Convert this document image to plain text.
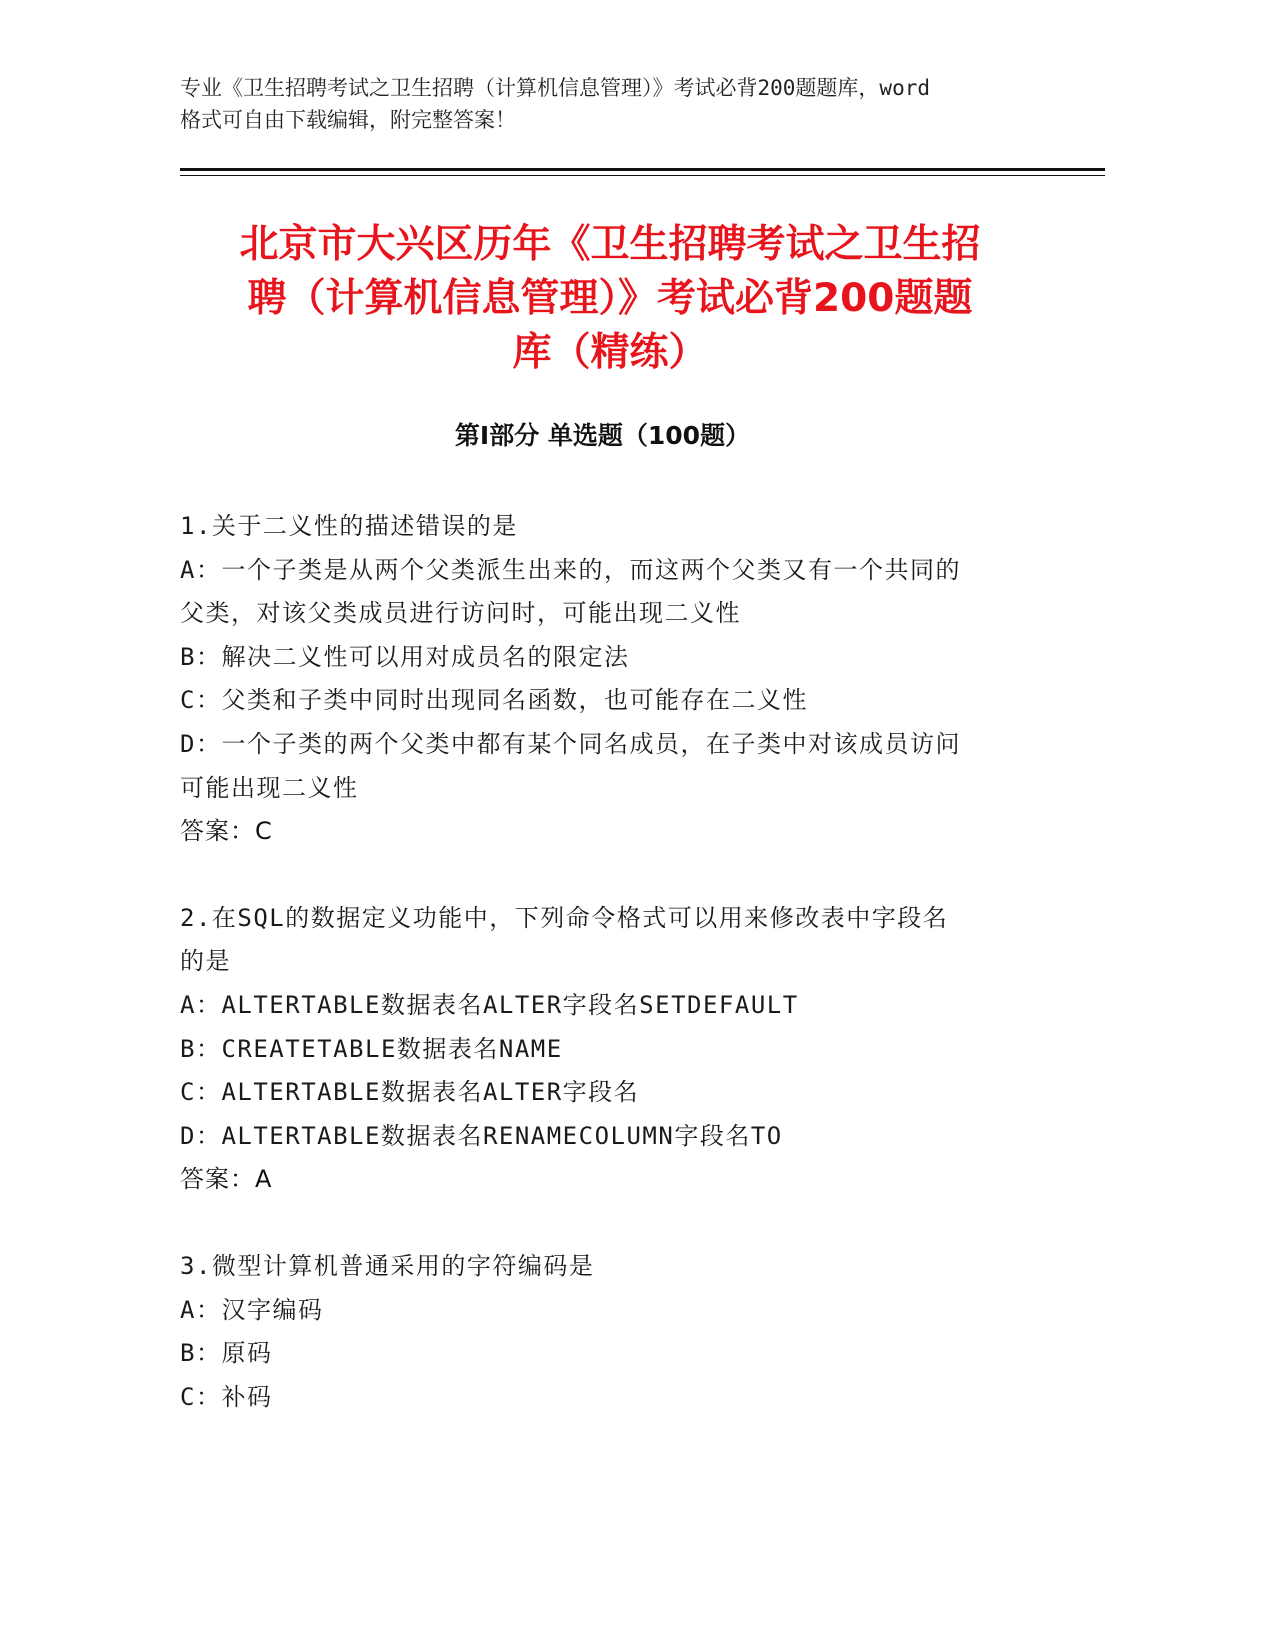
专业《卫生招聘考试之卫生招聘（计算机信息管理）》考试必背200题题库，word
格式可自由下载编辑，附完整答案！
北京市大兴区历年《卫生招聘考试之卫生招
聘（计算机信息管理）》考试必背200题题
库（精练）
第Ⅰ部分 单选题（100题）
1.关于二义性的描述错误的是
A：一个子类是从两个父类派生出来的，而这两个父类又有一个共同的
父类，对该父类成员进行访问时，可能出现二义性
B：解决二义性可以用对成员名的限定法
C：父类和子类中同时出现同名函数，也可能存在二义性
D：一个子类的两个父类中都有某个同名成员，在子类中对该成员访问
可能出现二义性
答案：C
2.在SQL的数据定义功能中，下列命令格式可以用来修改表中字段名
的是
A：ALTERTABLE数据表名ALTER字段名SETDEFAULT
B：CREATETABLE数据表名NAME
C：ALTERTABLE数据表名ALTER字段名
D：ALTERTABLE数据表名RENAMECOLUMN字段名TO
答案：A
3.微型计算机普通采用的字符编码是
A：汉字编码
B：原码
C：补码
